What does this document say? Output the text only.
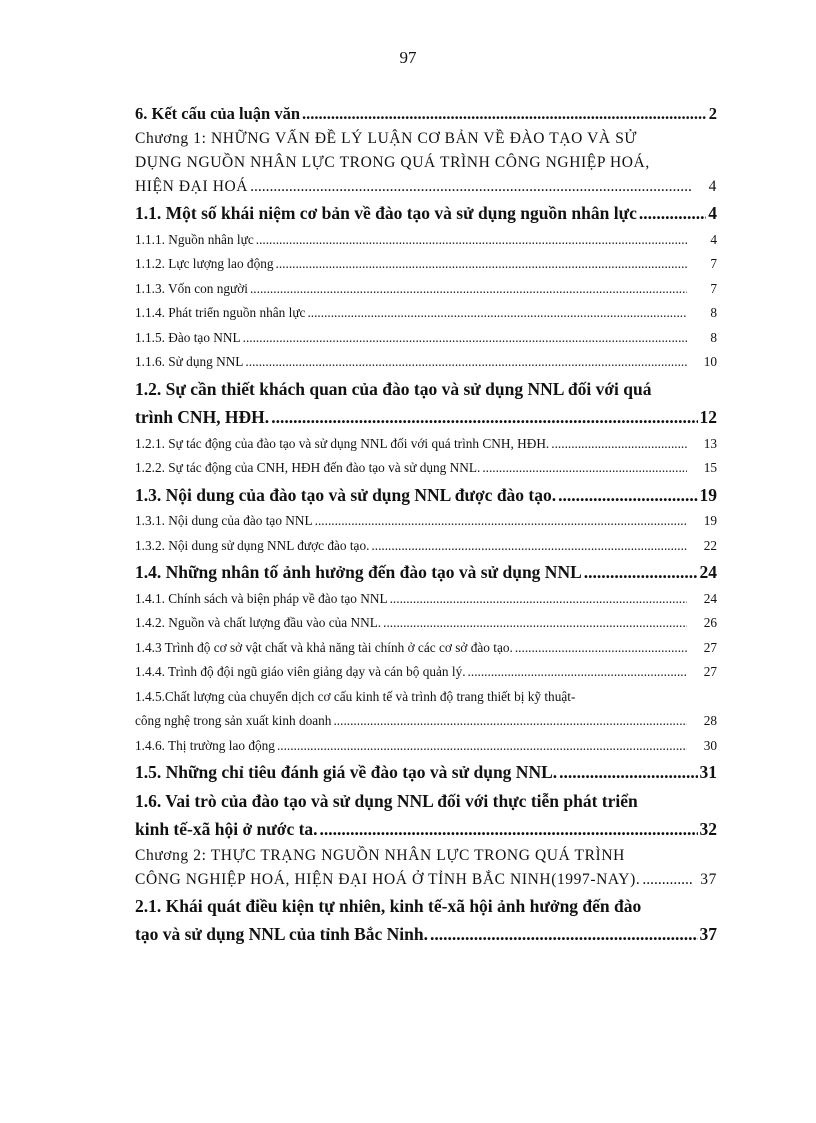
97
6. Kết cấu của luận văn .....	2
Chương 1: NHỮNG VẤN ĐỀ LÝ LUẬN CƠ BẢN VỀ ĐÀO TẠO VÀ SỬ
DỤNG NGUỒN NHÂN LỰC TRONG QUÁ TRÌNH CÔNG NGHIỆP HOÁ,
HIỆN ĐẠI HOÁ .....	4
1.1. Một số khái niệm cơ bản về đào tạo và sử dụng nguồn nhân lực .....	4
1.1.1. Nguồn nhân lực .....	4
1.1.2. Lực lượng lao động .....	7
1.1.3. Vốn con người .....	7
1.1.4. Phát triển nguồn nhân lực .....	8
1.1.5. Đào tạo NNL .....	8
1.1.6. Sử dụng NNL .....	10
1.2. Sự cần thiết khách quan của đào tạo và sử dụng NNL đối với quá
trình CNH, HĐH. .....	12
1.2.1. Sự tác động của đào tạo và sử dụng NNL đối với quá trình CNH, HĐH. .....	13
1.2.2. Sự tác động của CNH, HĐH đến đào tạo và sử dụng NNL. .....	15
1.3. Nội dung của đào tạo và sử dụng NNL được đào tạo. .....	19
1.3.1. Nội dung của đào tạo NNL .....	19
1.3.2. Nội dung sử dụng NNL được đào tạo. .....	22
1.4. Những nhân tố ảnh hưởng đến đào tạo và sử dụng NNL .....	24
1.4.1. Chính sách và biện pháp về đào tạo NNL .....	24
1.4.2. Nguồn và chất lượng đầu vào của NNL. .....	26
1.4.3 Trình độ cơ sở vật chất và khả năng tài chính ở các cơ sở đào tạo. .....	27
1.4.4. Trình độ đội ngũ giáo viên giảng dạy và cán bộ quản lý. .....	27
1.4.5.Chất lượng của chuyển dịch cơ cấu kinh tế và trình độ trang thiết bị kỹ thuật-
công nghệ trong sản xuất kinh doanh .....	28
1.4.6. Thị trường lao động .....	30
1.5. Những chỉ tiêu đánh giá về đào tạo và sử dụng NNL. .....	31
1.6. Vai trò của đào tạo và sử dụng NNL đối với thực tiễn phát triển
kinh tế-xã hội ở nước ta. .....	32
Chương 2: THỰC TRẠNG NGUỒN NHÂN LỰC TRONG QUÁ TRÌNH
CÔNG NGHIỆP HOÁ, HIỆN ĐẠI HOÁ Ở TỈNH BẮC NINH(1997-NAY). .....	37
2.1. Khái quát điều kiện tự nhiên, kinh tế-xã hội ảnh hưởng đến đào
tạo và sử dụng NNL của tỉnh Bắc Ninh. .....	37
